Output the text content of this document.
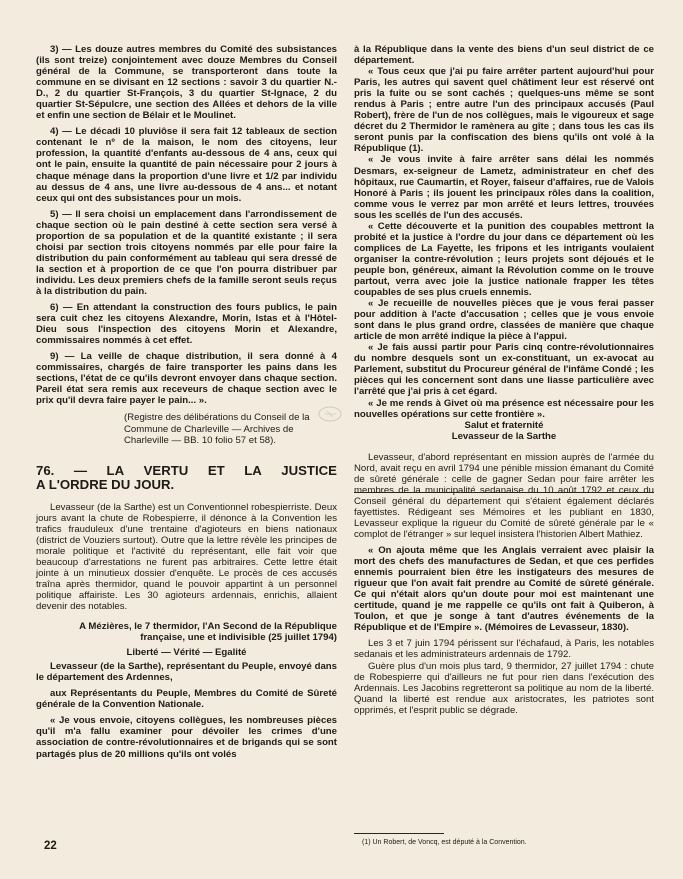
3) — Les douze autres membres du Comité des subsistances (ils sont treize) conjointement avec douze Membres du Conseil général de la Commune, se transporteront dans toute la commune en se divisant en 12 sections : savoir 3 du quartier N.-D., 2 du quartier St-François, 3 du quartier St-Ignace, 2 du quartier St-Sépulcre, une section des Allées et dehors de la ville et enfin une section de Bélair et le Moulinet.

4) — Le décadi 10 pluviôse il sera fait 12 tableaux de section contenant le nº de la maison, le nom des citoyens, leur profession, la quantité d'enfants au-dessous de 4 ans, ceux qui ont le pain, ensuite la quantité de pain nécessaire pour 2 jours à chaque ménage dans la proportion d'une livre et 1/2 par individu au dessus de 4 ans, une livre au-dessous de 4 ans... et notant ceux qui ont des subsistances pour un mois.

5) — Il sera choisi un emplacement dans l'arrondissement de chaque section où le pain destiné à cette section sera versé à proportion de sa population et de la quantité existante ; il sera choisi par section trois citoyens nommés par elle pour faire la distribution du pain conformément au tableau qui sera dressé de la section et à proportion de ce que l'on pourra distribuer par individu. Les deux premiers chefs de la famille seront seuls reçus à la distribution du pain.

6) — En attendant la construction des fours publics, le pain sera cuit chez les citoyens Alexandre, Morin, Istas et à l'Hôtel-Dieu sous l'inspection des citoyens Morin et Alexandre, commissaires nommés à cet effet.

9) — La veille de chaque distribution, il sera donné à 4 commissaires, chargés de faire transporter les pains dans les sections, l'état de ce qu'ils devront envoyer dans chaque section. Pareil état sera remis aux receveurs de chaque section avec le prix qu'il devra faire payer le pain... ».

(Registre des délibérations du Conseil de la Commune de Charleville — Archives de Charleville — BB. 10 folio 57 et 58).

76. — LA VERTU ET LA JUSTICE
A L'ORDRE DU JOUR.

Levasseur (de la Sarthe) est un Conventionnel robespierriste. Deux jours avant la chute de Robespierre, il dénonce à la Convention les trafics frauduleux d'une trentaine d'agioteurs en biens nationaux (district de Vouziers surtout). Outre que la lettre révèle les principes de morale politique et l'activité du représentant, elle fait voir que beaucoup d'arrestations ne furent pas arbitraires. Cette lettre était jointe à un minutieux dossier d'enquête. Le procès de ces accusés traîna après thermidor, quand le pouvoir appartint à un personnel politique affairiste. Les 30 agioteurs ardennais, enrichis, allaient devenir des notables.

A Mézières, le 7 thermidor, l'An Second de la République française, une et indivisible (25 juillet 1794)

Liberté — Vérité — Egalité

Levasseur (de la Sarthe), représentant du Peuple, envoyé dans le département des Ardennes,

aux Représentants du Peuple, Membres du Comité de Sûreté générale de la Convention Nationale.

« Je vous envoie, citoyens collègues, les nombreuses pièces qu'il m'a fallu examiner pour dévoiler les crimes d'une association de contre-révolutionnaires et de brigands qui se sont partagés plus de 20 millions qu'ils ont volés

à la République dans la vente des biens d'un seul district de ce département.

« Tous ceux que j'ai pu faire arrêter partent aujourd'hui pour Paris, les autres qui savent quel châtiment leur est réservé ont pris la fuite ou se sont cachés ; quelques-uns même se sont rendus à Paris ; entre autre l'un des principaux accusés (Paul Robert), frère de l'un de nos collègues, mais le vigoureux et sage décret du 2 Thermidor le ramènera au gîte ; dans tous les cas ils seront punis par la confiscation des biens qu'ils ont volé à la République (1).

« Je vous invite à faire arrêter sans délai les nommés Desmars, ex-seigneur de Lametz, administrateur en chef des hôpitaux, rue Caumartin, et Royer, faiseur d'affaires, rue de Valois Honoré à Paris ; ils jouent les principaux rôles dans la coalition, comme vous le verrez par mon arrêté et leurs lettres, trouvées sous les scellés de l'un des accusés.

« Cette découverte et la punition des coupables mettront la probité et la justice à l'ordre du jour dans ce département où les complices de La Fayette, les fripons et les intrigants voulaient organiser la contre-révolution ; leurs projets sont déjoués et le peuple bon, généreux, aimant la Révolution comme on le trouve partout, verra avec joie la justice nationale frapper les têtes coupables de ses plus cruels ennemis.

« Je recueille de nouvelles pièces que je vous ferai passer pour addition à l'acte d'accusation ; celles que je vous envoie sont dans le plus grand ordre, classées de manière que chaque article de mon arrêté indique la pièce à l'appui.

« Je fais aussi partir pour Paris cinq contre-révolutionnaires du nombre desquels sont un ex-constituant, un ex-avocat au Parlement, substitut du Procureur général de l'infâme Condé ; les pièces qui les concernent sont dans une liasse particulière avec l'arrêté que j'ai pris à cet égard.

« Je me rends à Givet où ma présence est nécessaire pour les nouvelles opérations sur cette frontière ».

Salut et fraternité

Levasseur de la Sarthe

Levasseur, d'abord représentant en mission auprès de l'armée du Nord, avait reçu en avril 1794 une pénible mission émanant du Comité de sûreté générale : celle de gagner Sedan pour faire arrêter les membres de la municipalité sedanaise du 10 août 1792 et ceux du Conseil général du département qui s'étaient également déclarés fayettistes. Rédigeant ses Mémoires et les publiant en 1830, Levasseur explique la rigueur du Comité de sûreté générale par le « complot de l'étranger » sur lequel insistera l'historien Albert Mathiez.

« On ajouta même que les Anglais verraient avec plaisir la mort des chefs des manufactures de Sedan, et que ces perfides ennemis pourraient bien être les instigateurs des mesures de rigueur que l'on avait fait prendre au Comité de sûreté générale. Ce qui n'était alors qu'un doute pour moi est maintenant une certitude, quand je me rappelle ce qu'ils ont fait à Quiberon, à Toulon, et que je songe à tant d'autres événements de la République et de l'Empire ». (Mémoires de Levasseur, 1830).

Les 3 et 7 juin 1794 périssent sur l'échafaud, à Paris, les notables sedanais et les administrateurs ardennais de 1792.

Guère plus d'un mois plus tard, 9 thermidor, 27 juillet 1794 : chute de Robespierre qui d'ailleurs ne fut pour rien dans l'exécution des Ardennais. Les Jacobins regretteront sa politique au nom de la liberté. Quand la liberté est rendue aux aristocrates, les patriotes sont opprimés, et l'esprit public se dégrade.

(1) Un Robert, de Voncq, est député à la Convention.
22
